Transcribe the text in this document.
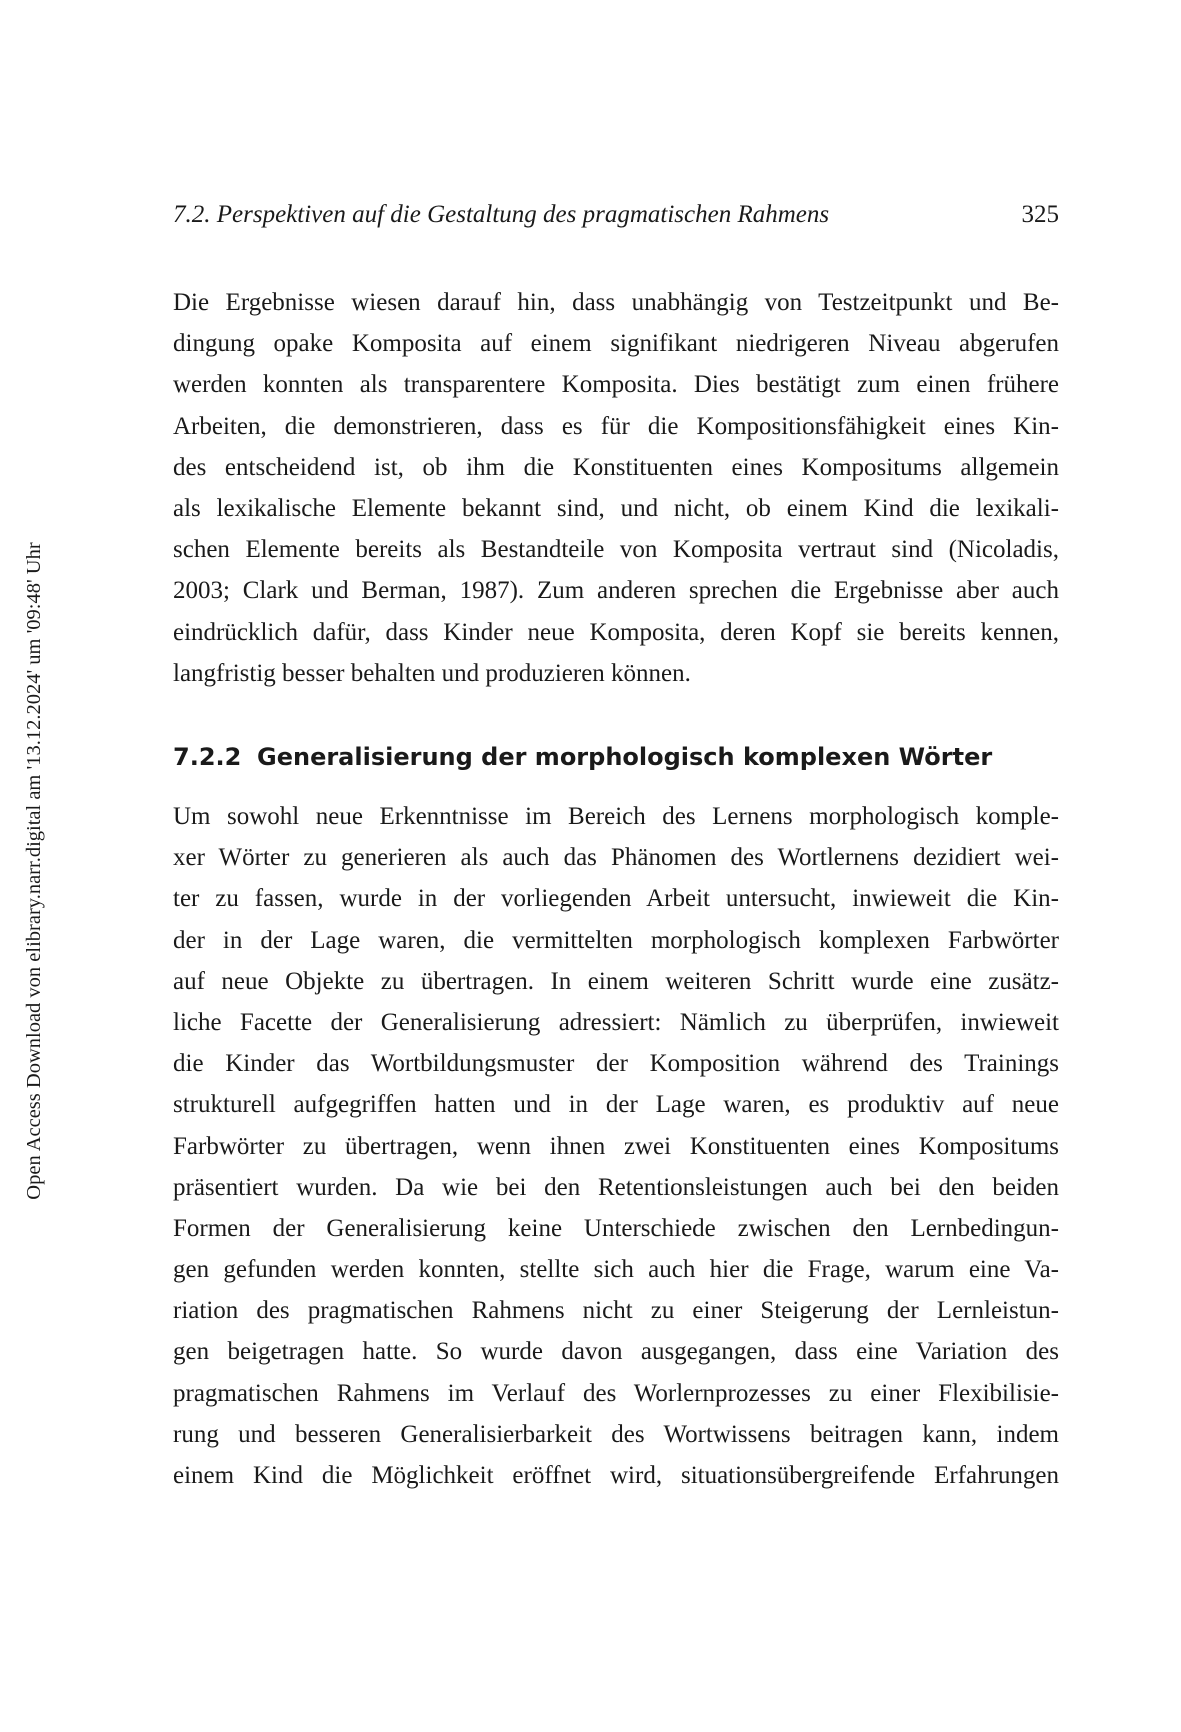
Open Access Download von elibrary.narr.digital am '13.12.2024' um '09:48' Uhr
7.2. Perspektiven auf die Gestaltung des pragmatischen Rahmens	325
Die Ergebnisse wiesen darauf hin, dass unabhängig von Testzeitpunkt und Be-
dingung opake Komposita auf einem signifikant niedrigeren Niveau abgerufen
werden konnten als transparentere Komposita. Dies bestätigt zum einen frühere
Arbeiten, die demonstrieren, dass es für die Kompositionsfähigkeit eines Kin-
des entscheidend ist, ob ihm die Konstituenten eines Kompositums allgemein
als lexikalische Elemente bekannt sind, und nicht, ob einem Kind die lexikali-
schen Elemente bereits als Bestandteile von Komposita vertraut sind (Nicoladis,
2003; Clark und Berman, 1987). Zum anderen sprechen die Ergebnisse aber auch
eindrücklich dafür, dass Kinder neue Komposita, deren Kopf sie bereits kennen,
langfristig besser behalten und produzieren können.
7.2.2 Generalisierung der morphologisch komplexen Wörter
Um sowohl neue Erkenntnisse im Bereich des Lernens morphologisch komple-
xer Wörter zu generieren als auch das Phänomen des Wortlernens dezidiert wei-
ter zu fassen, wurde in der vorliegenden Arbeit untersucht, inwieweit die Kin-
der in der Lage waren, die vermittelten morphologisch komplexen Farbwörter
auf neue Objekte zu übertragen. In einem weiteren Schritt wurde eine zusätz-
liche Facette der Generalisierung adressiert: Nämlich zu überprüfen, inwieweit
die Kinder das Wortbildungsmuster der Komposition während des Trainings
strukturell aufgegriffen hatten und in der Lage waren, es produktiv auf neue
Farbwörter zu übertragen, wenn ihnen zwei Konstituenten eines Kompositums
präsentiert wurden. Da wie bei den Retentionsleistungen auch bei den beiden
Formen der Generalisierung keine Unterschiede zwischen den Lernbedingun-
gen gefunden werden konnten, stellte sich auch hier die Frage, warum eine Va-
riation des pragmatischen Rahmens nicht zu einer Steigerung der Lernleistun-
gen beigetragen hatte. So wurde davon ausgegangen, dass eine Variation des
pragmatischen Rahmens im Verlauf des Worlernprozesses zu einer Flexibilisie-
rung und besseren Generalisierbarkeit des Wortwissens beitragen kann, indem
einem Kind die Möglichkeit eröffnet wird, situationsübergreifende Erfahrungen
